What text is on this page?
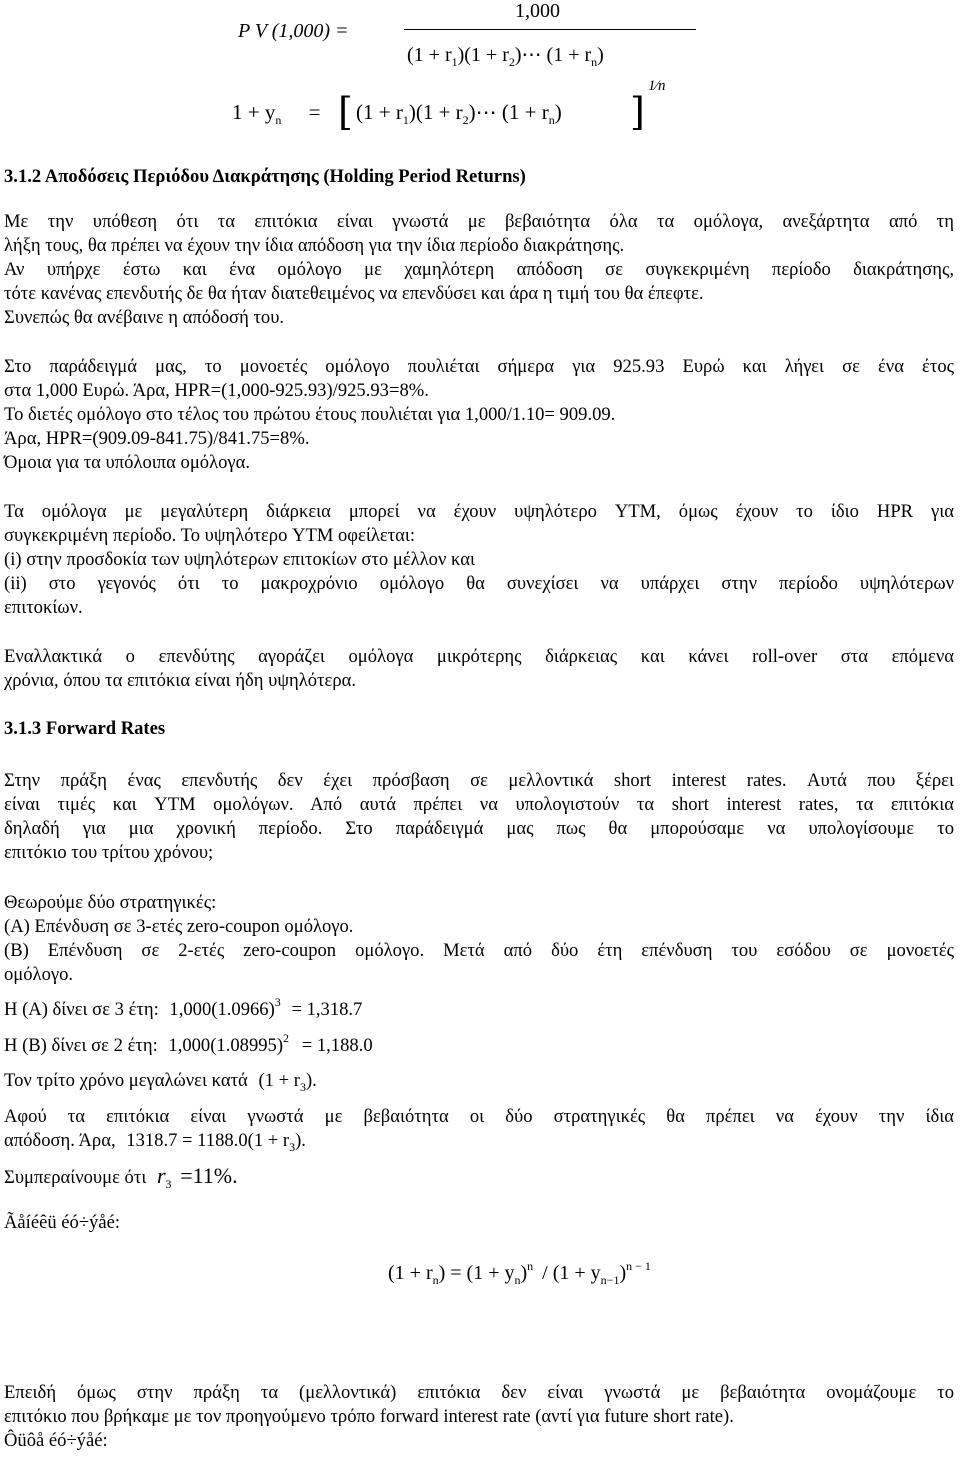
P V (1,000) =
1,000
$(1 + r_1)(1$ + $r_2)\cdots$ $(1 + r_n)$
$1 + y_n$ = [ $(1 + r_1)(1$ + $r_2)\cdots$ $(1 + r_n)$ ]
1⁄n
3.1.2 Αποδόσεις Περιόδου Διακράτησης (Holding Period Returns)
Με την υπόθεση ότι τα επιτόκια είναι γνωστά με βεβαιότητα όλα τα ομόλογα, ανεξάρτητα από τη
λήξη τους, θα πρέπει να έχουν την ίδια απόδοση για την ίδια περίοδο διακράτησης.
Αν υπήρχε έστω και ένα ομόλογο με χαμηλότερη απόδοση σε συγκεκριμένη περίοδο διακράτησης,
τότε κανένας επενδυτής δε θα ήταν διατεθειμένος να επενδύσει και άρα η τιμή του θα έπεφτε.
Συνεπώς θα ανέβαινε η απόδοσή του.
Στο παράδειγμά μας, το μονοετές ομόλογο πουλιέται σήμερα για 925.93 Ευρώ και λήγει σε ένα έτος
στα 1,000 Ευρώ. Άρα, HPR=(1,000-925.93)/925.93=8%.
Το διετές ομόλογο στο τέλος του πρώτου έτους πουλιέται για 1,000/1.10= 909.09.
Άρα, HPR=(909.09-841.75)/841.75=8%.
Όμοια για τα υπόλοιπα ομόλογα.
Τα ομόλογα με μεγαλύτερη διάρκεια μπορεί να έχουν υψηλότερο YTM, όμως έχουν το ίδιο HPR για
συγκεκριμένη περίοδο. Το υψηλότερο YTM οφείλεται:
(i) στην προσδοκία των υψηλότερων επιτοκίων στο μέλλον και
(ii) στο γεγονός ότι το μακροχρόνιο ομόλογο θα συνεχίσει να υπάρχει στην περίοδο υψηλότερων
επιτοκίων.
Εναλλακτικά ο επενδύτης αγοράζει ομόλογα μικρότερης διάρκειας και κάνει roll-over στα επόμενα
χρόνια, όπου τα επιτόκια είναι ήδη υψηλότερα.
3.1.3 Forward Rates
Στην πράξη ένας επενδυτής δεν έχει πρόσβαση σε μελλοντικά short interest rates. Αυτά που ξέρει
είναι τιμές και YTM ομολόγων. Από αυτά πρέπει να υπολογιστούν τα short interest rates, τα επιτόκια
δηλαδή για μια χρονική περίοδο. Στο παράδειγμά μας πως θα μπορούσαμε να υπολογίσουμε το
επιτόκιο του τρίτου χρόνου;
Θεωρούμε δύο στρατηγικές:
(A) Επένδυση σε 3-ετές zero-coupon ομόλογο.
(B) Επένδυση σε 2-ετές zero-coupon ομόλογο. Μετά από δύο έτη επένδυση του εσόδου σε μονοετές
ομόλογο.
Η (Α) δίνει σε 3 έτη: $1,000(1.0966)^3 = 1,318.7$
Η (Β) δίνει σε 2 έτη: $1,000(1.08995)^2 = 1,188.0$
Τον τρίτο χρόνο μεγαλώνει κατά $(1 + r_3)$.
Αφού τα επιτόκια είναι γνωστά με βεβαιότητα οι δύο στρατηγικές θα πρέπει να έχουν την ίδια
απόδοση. Άρα, $1318.7 = 1188.0(1 + r_3)$.
Συμπεραίνουμε ότι $r_3 =11\%$.
Ãåíéêü éó÷ýåé:
$(1 + r_n) = (1 + y_n)^n / (1 + y_{n-1})^{n - 1}$
Επειδή όμως στην πράξη τα (μελλοντικά) επιτόκια δεν είναι γνωστά με βεβαιότητα ονομάζουμε το
επιτόκιο που βρήκαμε με τον προηγούμενο τρόπο forward interest rate (αντί για future short rate).
Ôüôå éó÷ýåé:
